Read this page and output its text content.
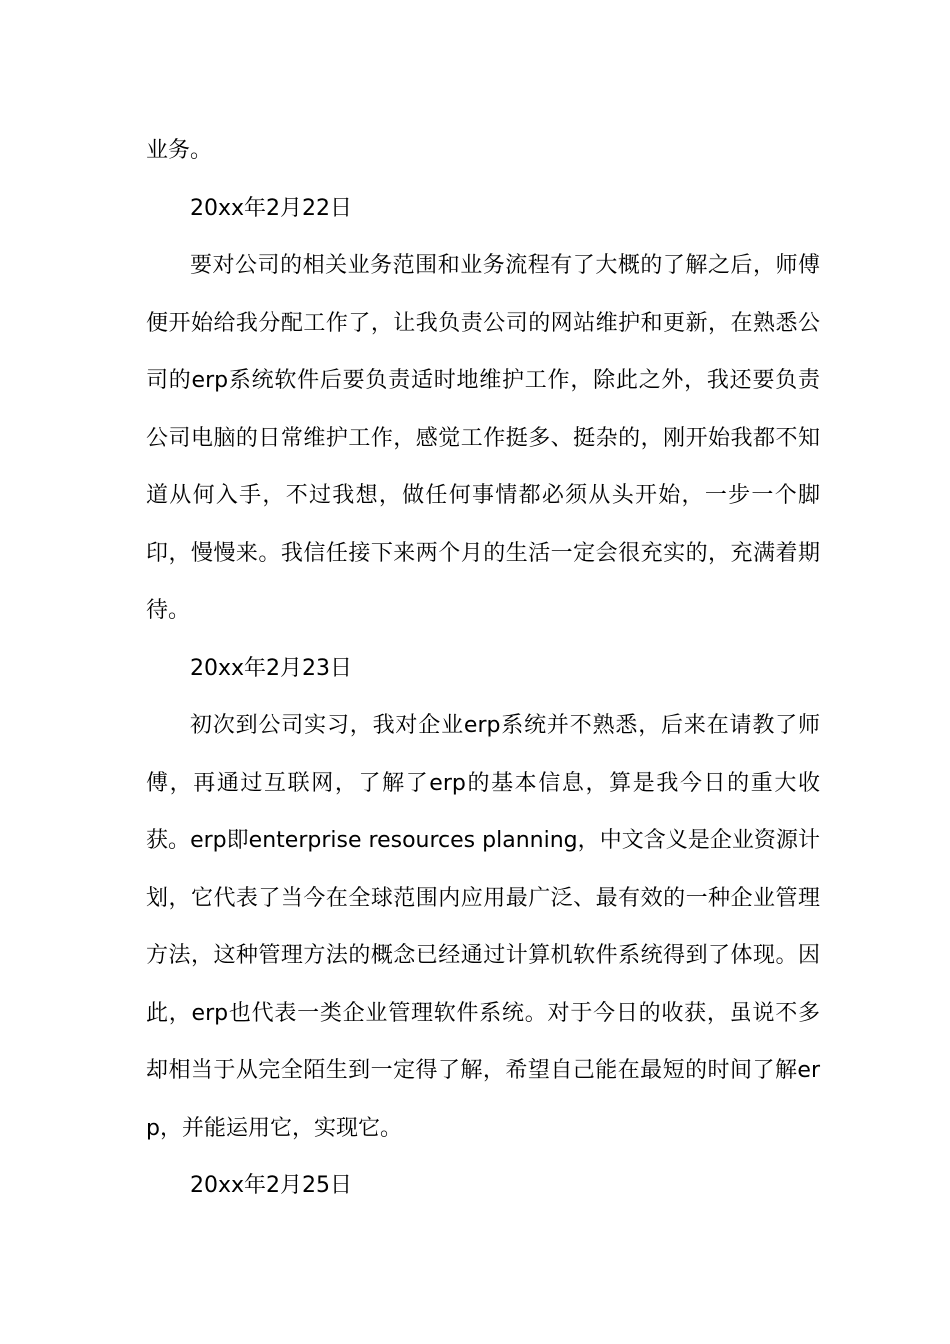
业务。

20xx年2月22日

要对公司的相关业务范围和业务流程有了大概的了解之后，师傅便开始给我分配工作了，让我负责公司的网站维护和更新，在熟悉公司的erp系统软件后要负责适时地维护工作，除此之外，我还要负责公司电脑的日常维护工作，感觉工作挺多、挺杂的，刚开始我都不知道从何入手，不过我想，做任何事情都必须从头开始，一步一个脚印，慢慢来。我信任接下来两个月的生活一定会很充实的，充满着期待。

20xx年2月23日

初次到公司实习，我对企业erp系统并不熟悉，后来在请教了师傅，再通过互联网，了解了erp的基本信息，算是我今日的重大收获。erp即enterprise resources planning，中文含义是企业资源计划，它代表了当今在全球范围内应用最广泛、最有效的一种企业管理方法，这种管理方法的概念已经通过计算机软件系统得到了体现。因此，erp也代表一类企业管理软件系统。对于今日的收获，虽说不多却相当于从完全陌生到一定得了解，希望自己能在最短的时间了解erp，并能运用它，实现它。

20xx年2月25日
